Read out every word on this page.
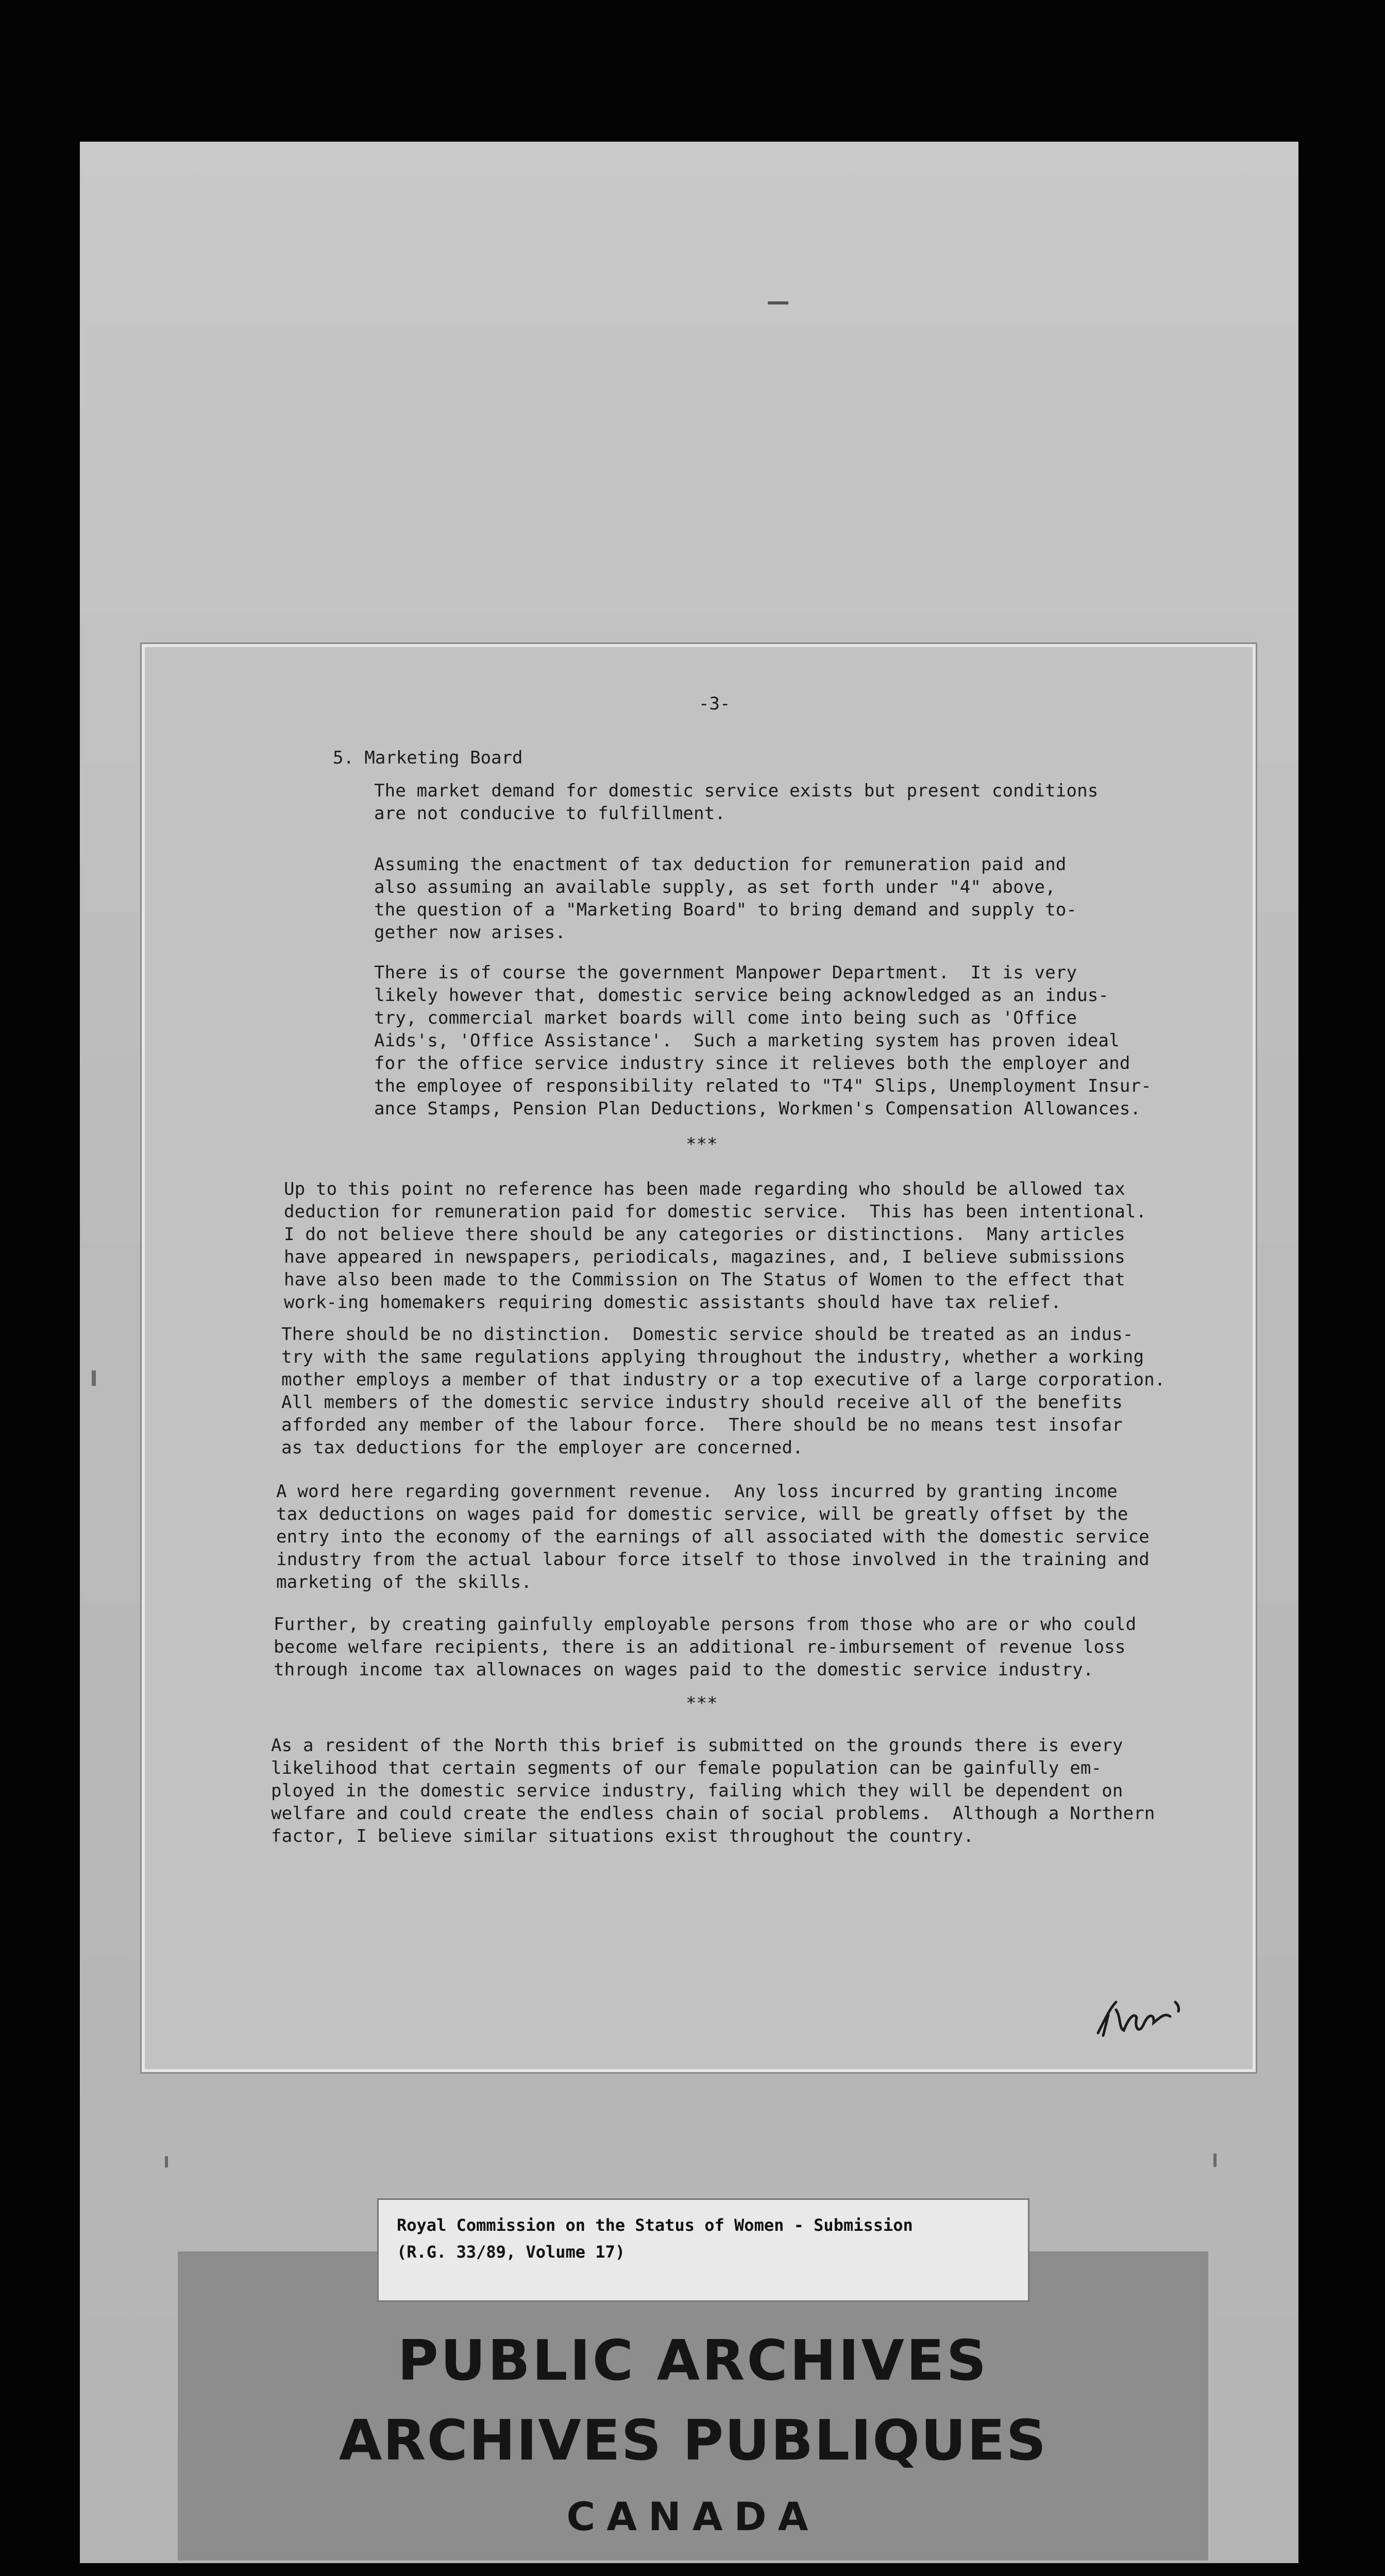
-3-
5. Marketing Board
The market demand for domestic service exists but present conditions
are not conducive to fulfillment.
Assuming the enactment of tax deduction for remuneration paid and
also assuming an available supply, as set forth under "4" above,
the question of a "Marketing Board" to bring demand and supply to-
gether now arises.
There is of course the government Manpower Department.  It is very
likely however that, domestic service being acknowledged as an indus-
try, commercial market boards will come into being such as 'Office
Aids's, 'Office Assistance'.  Such a marketing system has proven ideal
for the office service industry since it relieves both the employer and
the employee of responsibility related to "T4" Slips, Unemployment Insur-
ance Stamps, Pension Plan Deductions, Workmen's Compensation Allowances.
***
Up to this point no reference has been made regarding who should be allowed tax
deduction for remuneration paid for domestic service.  This has been intentional.
I do not believe there should be any categories or distinctions.  Many articles
have appeared in newspapers, periodicals, magazines, and, I believe submissions
have also been made to the Commission on The Status of Women to the effect that
work-ing homemakers requiring domestic assistants should have tax relief.
There should be no distinction.  Domestic service should be treated as an indus-
try with the same regulations applying throughout the industry, whether a working
mother employs a member of that industry or a top executive of a large corporation.
All members of the domestic service industry should receive all of the benefits
afforded any member of the labour force.  There should be no means test insofar
as tax deductions for the employer are concerned.
A word here regarding government revenue.  Any loss incurred by granting income
tax deductions on wages paid for domestic service, will be greatly offset by the
entry into the economy of the earnings of all associated with the domestic service
industry from the actual labour force itself to those involved in the training and
marketing of the skills.
Further, by creating gainfully employable persons from those who are or who could
become welfare recipients, there is an additional re-imbursement of revenue loss
through income tax allownaces on wages paid to the domestic service industry.
***
As a resident of the North this brief is submitted on the grounds there is every
likelihood that certain segments of our female population can be gainfully em-
ployed in the domestic service industry, failing which they will be dependent on
welfare and could create the endless chain of social problems.  Although a Northern
factor, I believe similar situations exist throughout the country.
PUBLIC ARCHIVES
ARCHIVES PUBLIQUES
CANADA
Royal Commission on the Status of Women - Submission
(R.G. 33/89, Volume 17)
